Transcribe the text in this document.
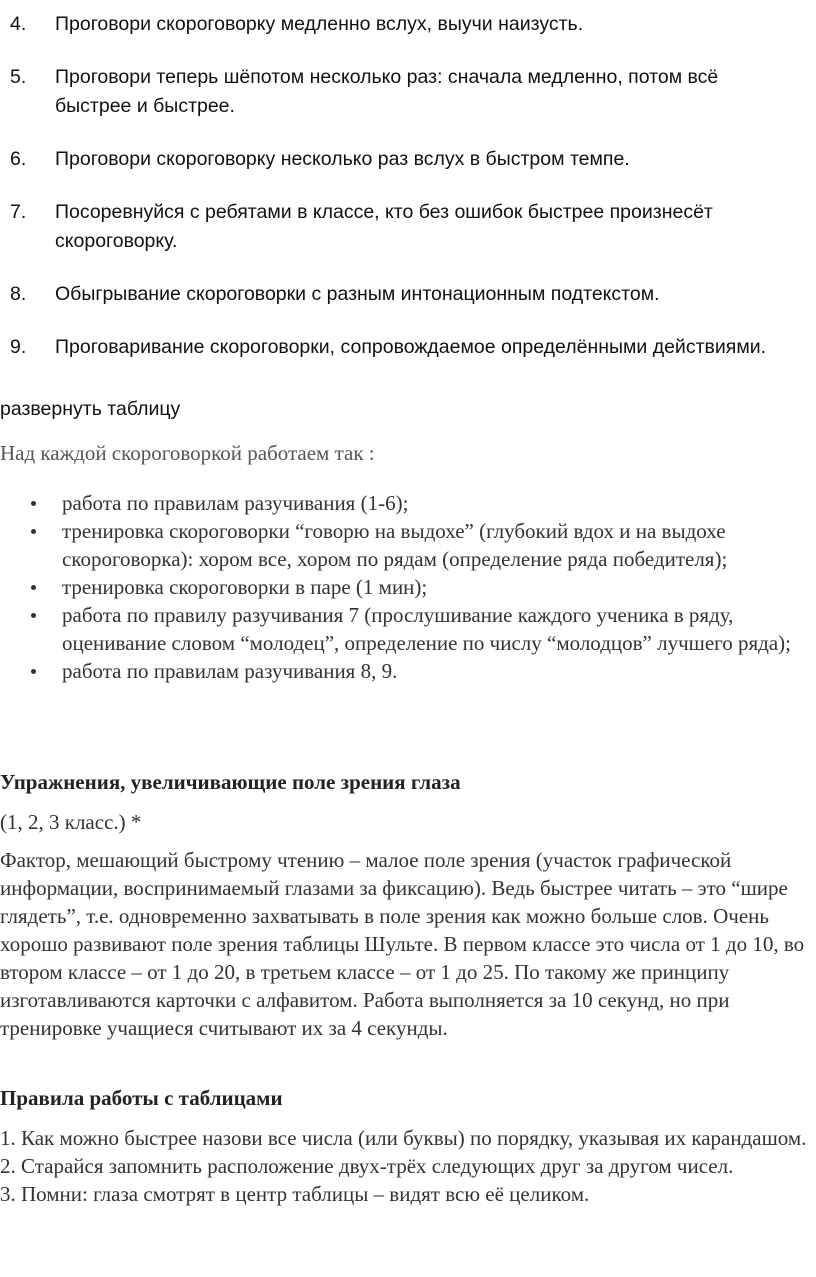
4. Проговори скороговорку медленно вслух, выучи наизусть.
5. Проговори теперь шёпотом несколько раз: сначала медленно, потом всё быстрее и быстрее.
6. Проговори скороговорку несколько раз вслух в быстром темпе.
7. Посоревнуйся с ребятами в классе, кто без ошибок быстрее произнесёт скороговорку.
8. Обыгрывание скороговорки с разным интонационным подтекстом.
9. Проговаривание скороговорки, сопровождаемое определёнными действиями.
развернуть таблицу
Над каждой скороговоркой работаем так :
работа по правилам разучивания (1-6);
тренировка скороговорки “говорю на выдохе” (глубокий вдох и на выдохе скороговорка): хором все, хором по рядам (определение ряда победителя);
тренировка скороговорки в паре (1 мин);
работа по правилу разучивания 7 (прослушивание каждого ученика в ряду, оценивание словом “молодец”, определение по числу “молодцов” лучшего ряда);
работа по правилам разучивания 8, 9.
Упражнения, увеличивающие поле зрения глаза
(1, 2, 3 класс.) *
Фактор, мешающий быстрому чтению – малое поле зрения (участок графической информации, воспринимаемый глазами за фиксацию). Ведь быстрее читать – это “шире глядеть”, т.е. одновременно захватывать в поле зрения как можно больше слов. Очень хорошо развивают поле зрения таблицы Шульте. В первом классе это числа от 1 до 10, во втором классе – от 1 до 20, в третьем классе – от 1 до 25. По такому же принципу изготавливаются карточки с алфавитом. Работа выполняется за 10 секунд, но при тренировке учащиеся считывают их за 4 секунды.
Правила работы с таблицами
1. Как можно быстрее назови все числа (или буквы) по порядку, указывая их карандашом.
2. Старайся запомнить расположение двух-трёх следующих друг за другом чисел.
3. Помни: глаза смотрят в центр таблицы – видят всю её целиком.
